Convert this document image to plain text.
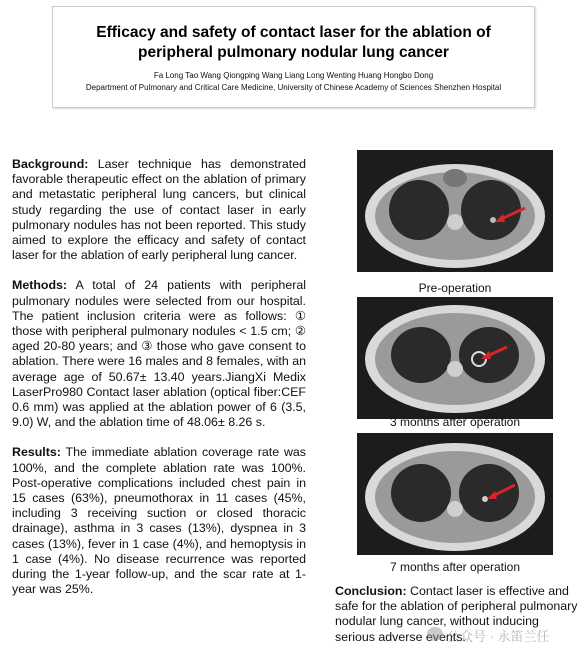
Efficacy and safety of contact laser for the ablation of
peripheral pulmonary nodular lung cancer
Fa Long Tao Wang Qiongping Wang Liang Long Wenting Huang Hongbo Dong
Department of Pulmonary and Critical Care Medicine, University of Chinese Academy of Sciences Shenzhen Hospital

Background: Laser technique has demonstrated favorable therapeutic effect on the ablation of primary and metastatic peripheral lung cancers, but clinical study regarding the use of contact laser in early pulmonary nodules has not been reported. This study aimed to explore the efficacy and safety of contact laser for the ablation of early peripheral lung cancer.

Methods: A total of 24 patients with peripheral pulmonary nodules were selected from our hospital. The patient inclusion criteria were as follows: ① those with peripheral pulmonary nodules < 1.5 cm; ② aged 20-80 years; and ③ those who gave consent to ablation. There were 16 males and 8 females, with an average age of 50.67± 13.40 years.JiangXi Medix LaserPro980 Contact laser ablation (optical fiber:CEF 0.6 mm) was applied at the ablation power of 6 (3.5, 9.0) W, and the ablation time of 48.06± 8.26 s.

Results: The immediate ablation coverage rate was 100%, and the complete ablation rate was 100%. Post-operative complications included chest pain in 15 cases (63%), pneumothorax in 11 cases (45%, including 3 receiving suction or closed thoracic drainage), asthma in 3 cases (13%), dyspnea in 3 cases (13%), fever in 1 case (4%), and hemoptysis in 1 case (4%). No disease recurrence was reported during the 1-year follow-up, and the scar rate at 1-year was 25%.

Pre-operation
3 months after operation
7 months after operation
Conclusion: Contact laser is effective and safe for the ablation of peripheral pulmonary nodular lung cancer, without inducing serious adverse events.
公众号 · 永笛兰任
